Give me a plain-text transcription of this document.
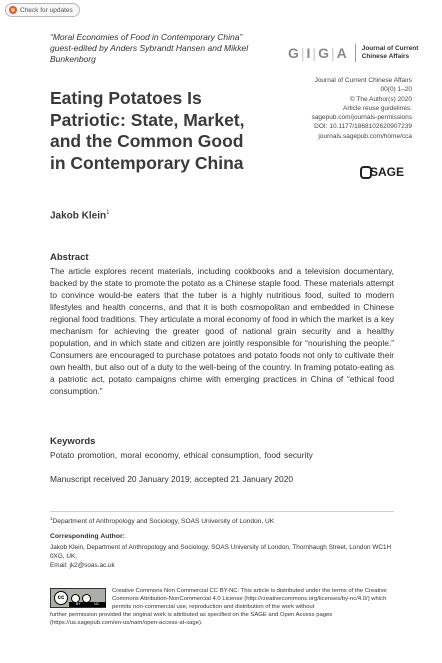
Check for updates
“Moral Economies of Food in Contemporary China” guest-edited by Anders Sybrandt Hansen and Mikkel Bunkenborg	G|I|G|A Journal of Current
Chinese Affairs
Journal of Current Chinese Affairs
00(0) 1–20
© The Author(s) 2020
Article reuse guidelines:
sagepub.com/journals-permissions
DOI: 10.1177/1868102620907239
journals.sagepub.com/home/cca
SAGE
Eating Potatoes Is Patriotic: State, Market, and the Common Good in Contemporary China
Jakob Klein$^1$
Abstract

The article explores recent materials, including cookbooks and a television documentary, backed by the state to promote the potato as a Chinese staple food. These materials attempt to convince would-be eaters that the tuber is a highly nutritious food, suited to modern lifestyles and health concerns, and that it is both cosmopolitan and embedded in Chinese regional food traditions. They articulate a moral economy of food in which the market is a key mechanism for achieving the greater good of national grain security and a healthy population, and in which state and citizen are jointly responsible for “nourishing the people.” Consumers are encouraged to purchase potatoes and potato foods not only to cultivate their own health, but also out of a duty to the well-being of the country. In framing potato-eating as a patriotic act, potato campaigns chime with emerging practices in China of “ethical food consumption.”

Keywords
Potato promotion, moral economy, ethical consumption, food security
Manuscript received 20 January 2019; accepted 21 January 2020
$^1$Department of Anthropology and Sociology, SOAS University of London, UK
Corresponding Author:
Jakob Klein, Department of Anthropology and Sociology, SOAS University of London, Thornhaugh Street, London WC1H 0XG, UK.
Email: jk2@soas.ac.uk
cc
BY	NC

Creative Commons Non Commercial CC BY-NC: This article is distributed under the terms of the Creative Commons Attribution-NonCommercial 4.0 License (http://creativecommons.org/licenses/by-nc/4.0/) which permits non-commercial use, reproduction and distribution of the work without

further permission provided the original work is attributed as specified on the SAGE and Open Access pages (https://us.sagepub.com/en-us/nam/open-access-at-sage).
